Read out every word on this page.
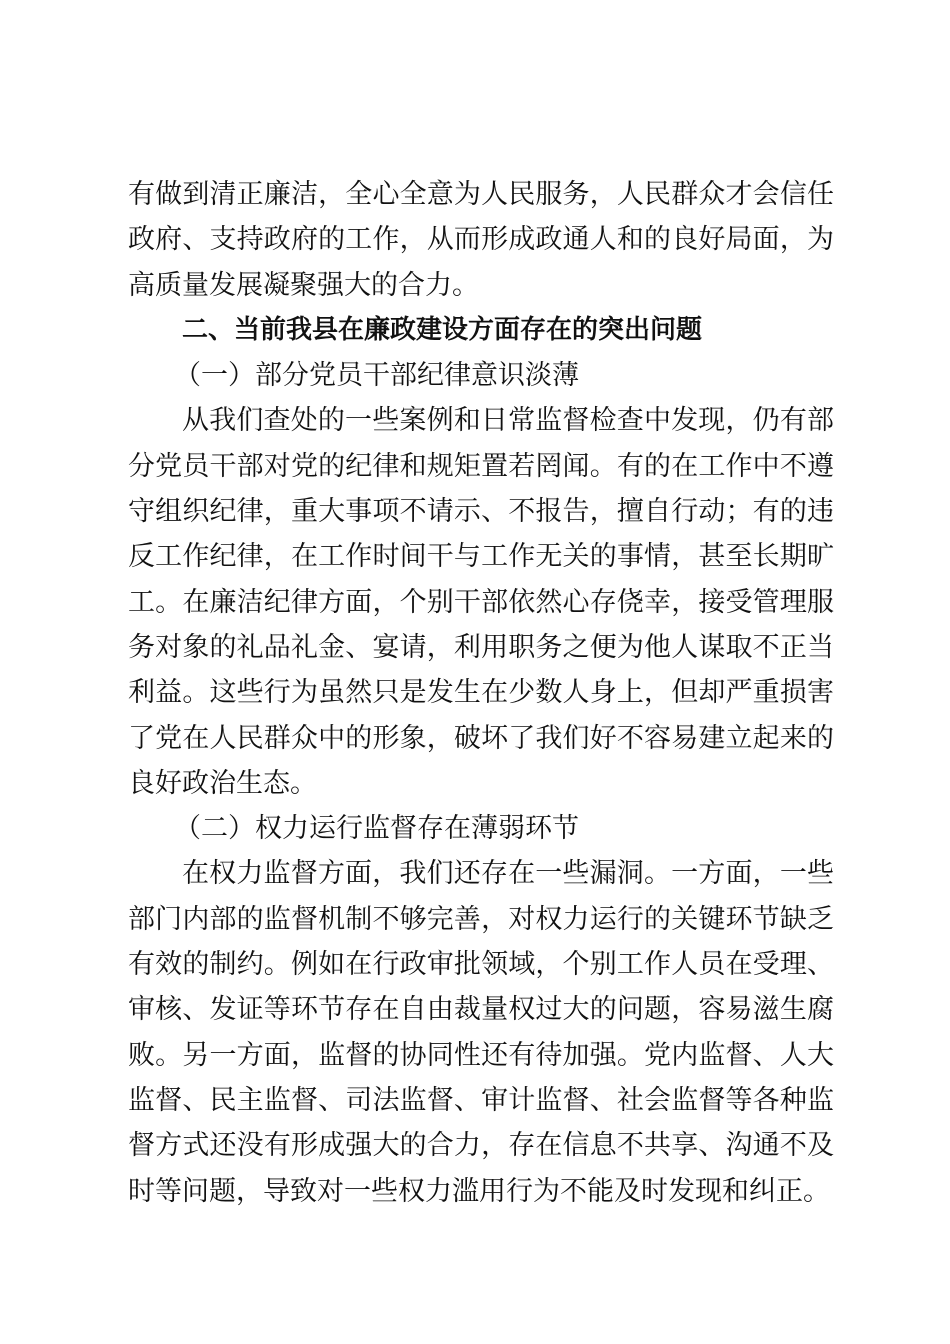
有做到清正廉洁，全心全意为人民服务，人民群众才会信任政府、支持政府的工作，从而形成政通人和的良好局面，为高质量发展凝聚强大的合力。

二、当前我县在廉政建设方面存在的突出问题

（一）部分党员干部纪律意识淡薄

从我们查处的一些案例和日常监督检查中发现，仍有部分党员干部对党的纪律和规矩置若罔闻。有的在工作中不遵守组织纪律，重大事项不请示、不报告，擅自行动；有的违反工作纪律，在工作时间干与工作无关的事情，甚至长期旷工。在廉洁纪律方面，个别干部依然心存侥幸，接受管理服务对象的礼品礼金、宴请，利用职务之便为他人谋取不正当利益。这些行为虽然只是发生在少数人身上，但却严重损害了党在人民群众中的形象，破坏了我们好不容易建立起来的良好政治生态。

（二）权力运行监督存在薄弱环节

在权力监督方面，我们还存在一些漏洞。一方面，一些部门内部的监督机制不够完善，对权力运行的关键环节缺乏有效的制约。例如在行政审批领域，个别工作人员在受理、审核、发证等环节存在自由裁量权过大的问题，容易滋生腐败。另一方面，监督的协同性还有待加强。党内监督、人大监督、民主监督、司法监督、审计监督、社会监督等各种监督方式还没有形成强大的合力，存在信息不共享、沟通不及时等问题，导致对一些权力滥用行为不能及时发现和纠正。
